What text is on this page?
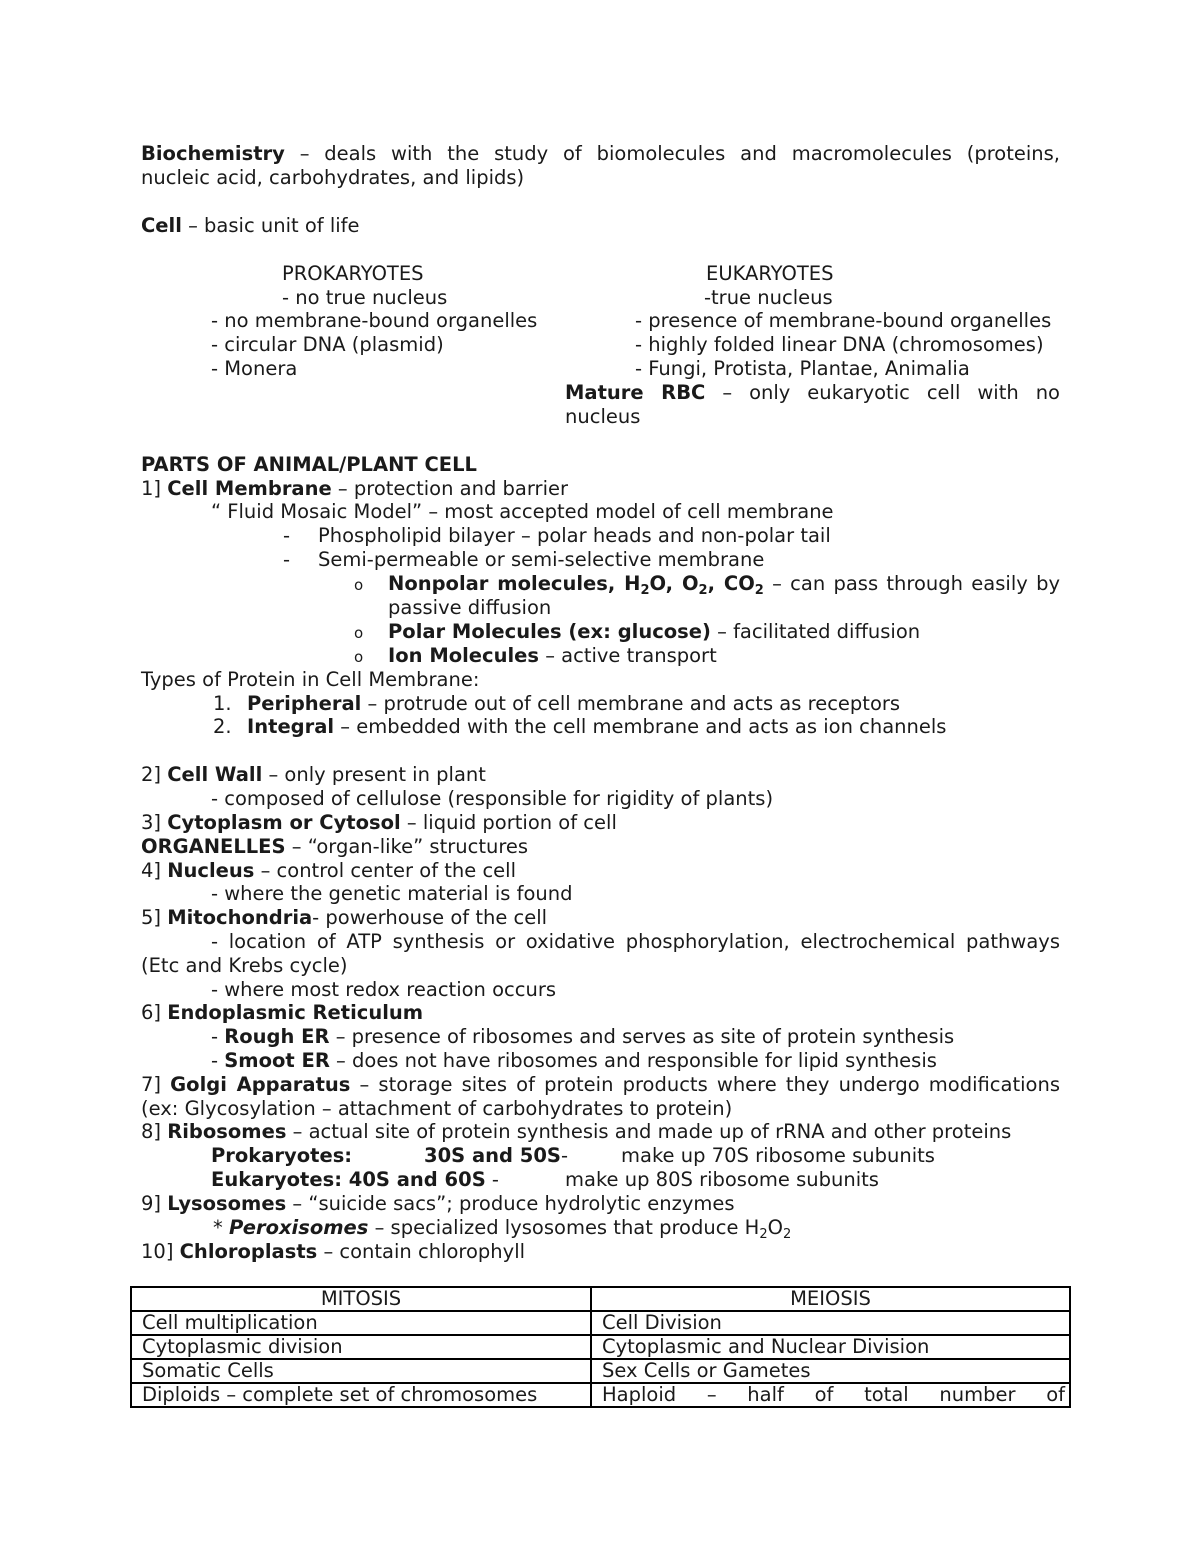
Biochemistry – deals with the study of biomolecules and macromolecules (proteins,
nucleic acid, carbohydrates, and lipids)
Cell – basic unit of life
PROKARYOTES
- no true nucleus
- no membrane-bound organelles
- circular DNA (plasmid)
- Monera
EUKARYOTES
-true nucleus
- presence of membrane-bound organelles
- highly folded linear DNA (chromosomes)
- Fungi, Protista, Plantae, Animalia
Mature RBC – only eukaryotic cell with no
nucleus
PARTS OF ANIMAL/PLANT CELL
1] Cell Membrane – protection and barrier
“ Fluid Mosaic Model” – most accepted model of cell membrane
- Phospholipid bilayer – polar heads and non-polar tail
- Semi-permeable or semi-selective membrane
o Nonpolar molecules, $H_2O$, $O_2$, $CO_2$ – can pass through easily by
passive diffusion
o Polar Molecules (ex: glucose) – facilitated diffusion
o Ion Molecules – active transport
Types of Protein in Cell Membrane:
1. Peripheral – protrude out of cell membrane and acts as receptors
2. Integral – embedded with the cell membrane and acts as ion channels
2] Cell Wall – only present in plant
- composed of cellulose (responsible for rigidity of plants)
3] Cytoplasm or Cytosol – liquid portion of cell
ORGANELLES – “organ-like” structures
4] Nucleus – control center of the cell
- where the genetic material is found
5] Mitochondria- powerhouse of the cell
- location of ATP synthesis or oxidative phosphorylation, electrochemical pathways
(Etc and Krebs cycle)
- where most redox reaction occurs
6] Endoplasmic Reticulum
- Rough ER – presence of ribosomes and serves as site of protein synthesis
- Smoot ER – does not have ribosomes and responsible for lipid synthesis
7] Golgi Apparatus – storage sites of protein products where they undergo modifications
(ex: Glycosylation – attachment of carbohydrates to protein)
8] Ribosomes – actual site of protein synthesis and made up of rRNA and other proteins
Prokaryotes:	30S and 50S-	make up 70S ribosome subunits
Eukaryotes: 40S and 60S -	make up 80S ribosome subunits
9] Lysosomes – “suicide sacs”; produce hydrolytic enzymes
* Peroxisomes – specialized lysosomes that produce $H_2O_2$
10] Chloroplasts – contain chlorophyll
MITOSIS	MEIOSIS
Cell multiplication	Cell Division
Cytoplasmic division	Cytoplasmic and Nuclear Division
Somatic Cells	Sex Cells or Gametes
Diploids – complete set of chromosomes	Haploid – half of total number of
